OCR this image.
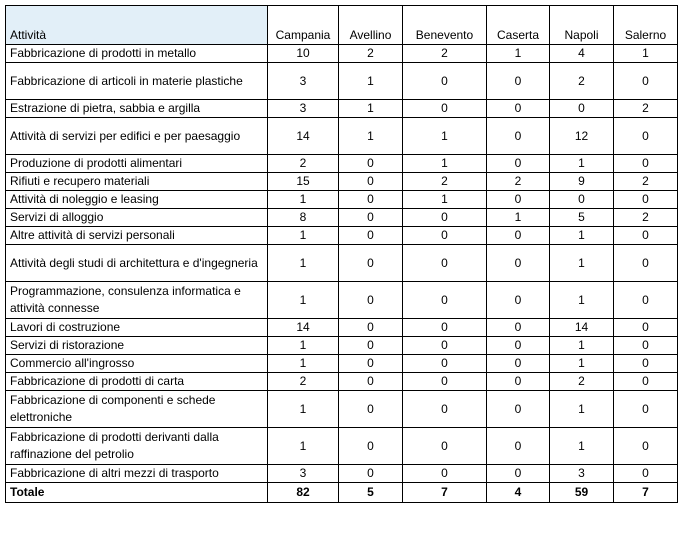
Attività	Campania	Avellino	Benevento	Caserta	Napoli	Salerno
Fabbricazione di prodotti in metallo	10	2	2	1	4	1
Fabbricazione di articoli in materie plastiche	3	1	0	0	2	0
Estrazione di pietra, sabbia e argilla	3	1	0	0	0	2
Attività di servizi per edifici e per paesaggio	14	1	1	0	12	0
Produzione di prodotti alimentari	2	0	1	0	1	0
Rifiuti e recupero materiali	15	0	2	2	9	2
Attività di noleggio e leasing	1	0	1	0	0	0
Servizi di alloggio	8	0	0	1	5	2
Altre attività di servizi personali	1	0	0	0	1	0
Attività degli studi di architettura e d'ingegneria	1	0	0	0	1	0
Programmazione, consulenza informatica e attività connesse	1	0	0	0	1	0
Lavori di costruzione	14	0	0	0	14	0
Servizi di ristorazione	1	0	0	0	1	0
Commercio all'ingrosso	1	0	0	0	1	0
Fabbricazione di prodotti di carta	2	0	0	0	2	0
Fabbricazione di componenti e schede elettroniche	1	0	0	0	1	0
Fabbricazione di prodotti derivanti dalla raffinazione del petrolio	1	0	0	0	1	0
Fabbricazione di altri mezzi di trasporto	3	0	0	0	3	0
Totale	82	5	7	4	59	7
